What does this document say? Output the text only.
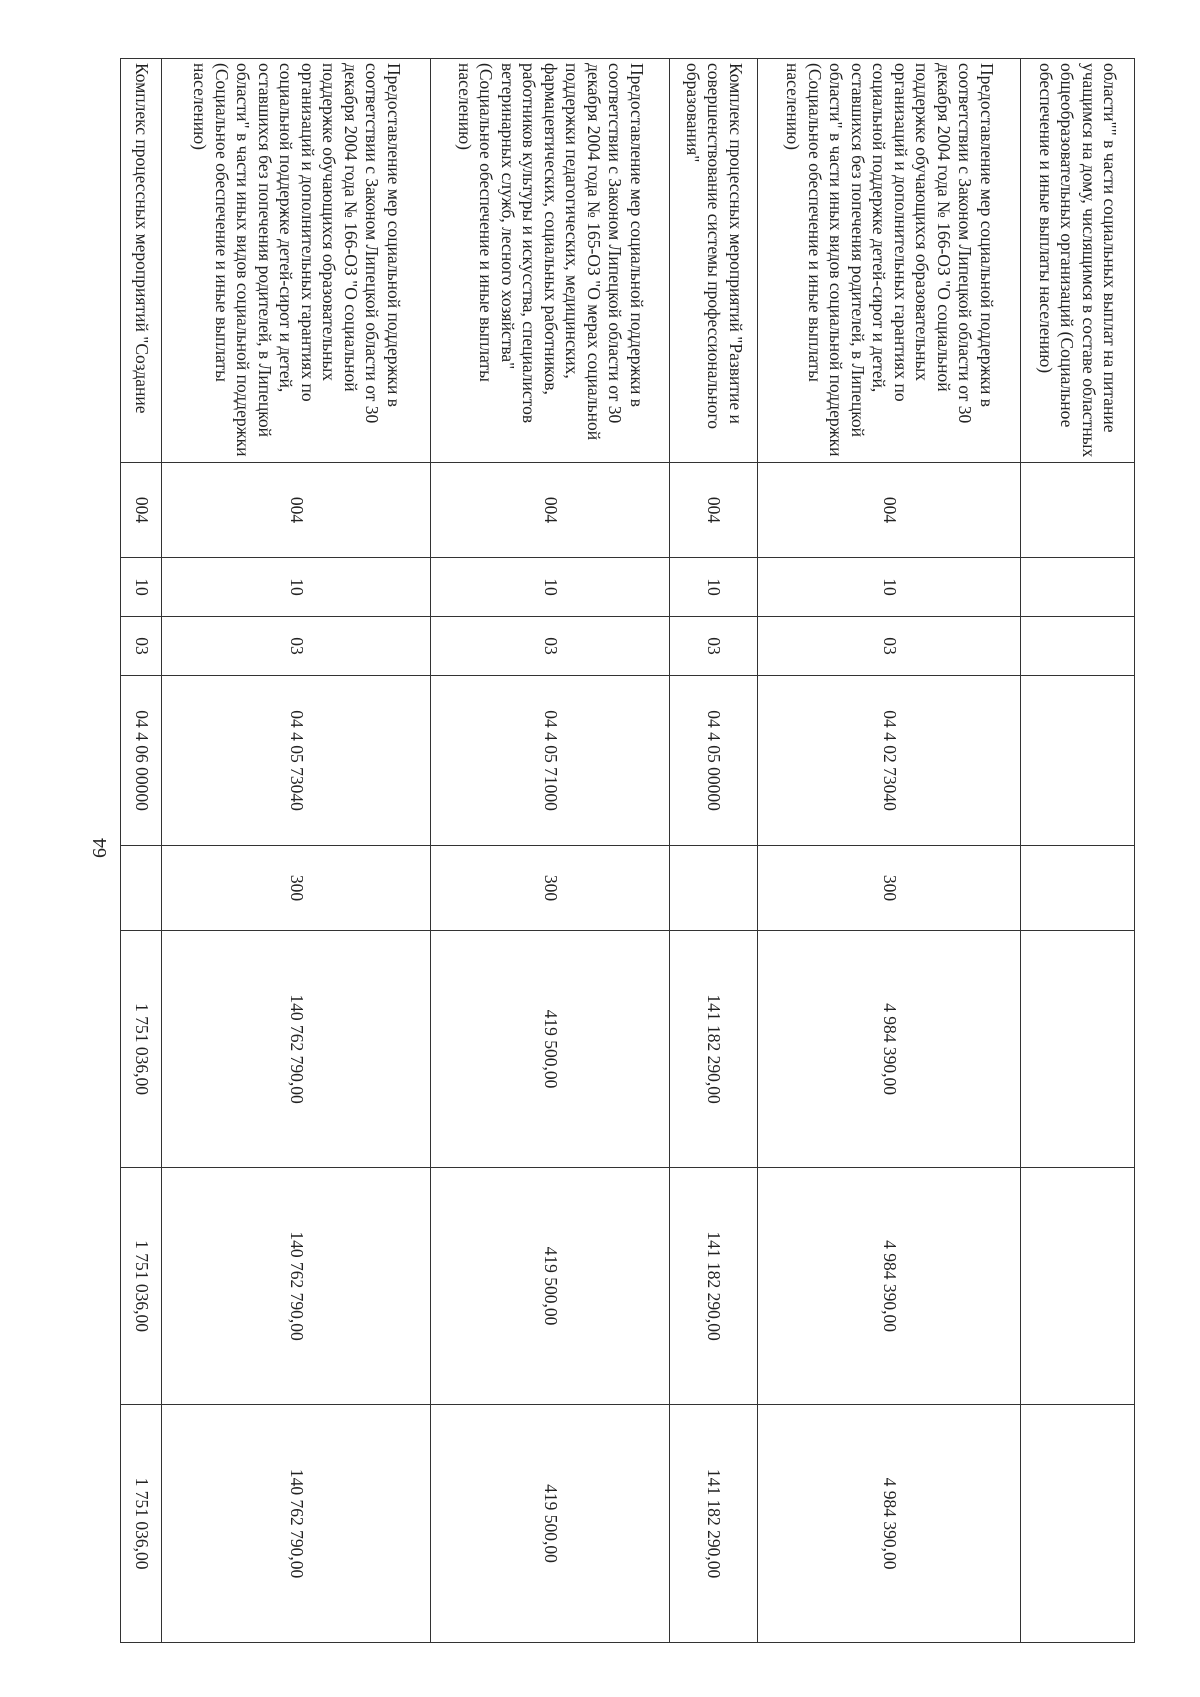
64
области"" в части социальных выплат на питание учащимся на дому, числящимся в составе областных общеобразовательных организаций (Социальное обеспечение и иные выплаты населению)								
Предоставление мер социальной поддержки в соответствии с Законом Липецкой области от 30 декабря 2004 года № 166-ОЗ "О социальной поддержке обучающихся образовательных организаций и дополнительных гарантиях по социальной поддержке детей-сирот и детей, оставшихся без попечения родителей, в Липецкой области" в части иных видов социальной поддержки (Социальное обеспечение и иные выплаты населению)	004	10	03	04 4 02 73040	300	4 984 390,00	4 984 390,00	4 984 390,00
Комплекс процессных мероприятий "Развитие и совершенствование системы профессионального образования"	004	10	03	04 4 05 00000		141 182 290,00	141 182 290,00	141 182 290,00
Предоставление мер социальной поддержки в соответствии с Законом Липецкой области от 30 декабря 2004 года № 165-ОЗ "О мерах социальной поддержки педагогических, медицинских, фармацевтических, социальных работников, работников культуры и искусства, специалистов ветеринарных служб, лесного хозяйства" (Социальное обеспечение и иные выплаты населению)	004	10	03	04 4 05 71000	300	419 500,00	419 500,00	419 500,00
Предоставление мер социальной поддержки в соответствии с Законом Липецкой области от 30 декабря 2004 года № 166-ОЗ "О социальной поддержке обучающихся образовательных организаций и дополнительных гарантиях по социальной поддержке детей-сирот и детей, оставшихся без попечения родителей, в Липецкой области" в части иных видов социальной поддержки (Социальное обеспечение и иные выплаты населению)	004	10	03	04 4 05 73040	300	140 762 790,00	140 762 790,00	140 762 790,00
Комплекс процессных мероприятий "Создание	004	10	03	04 4 06 00000		1 751 036,00	1 751 036,00	1 751 036,00
